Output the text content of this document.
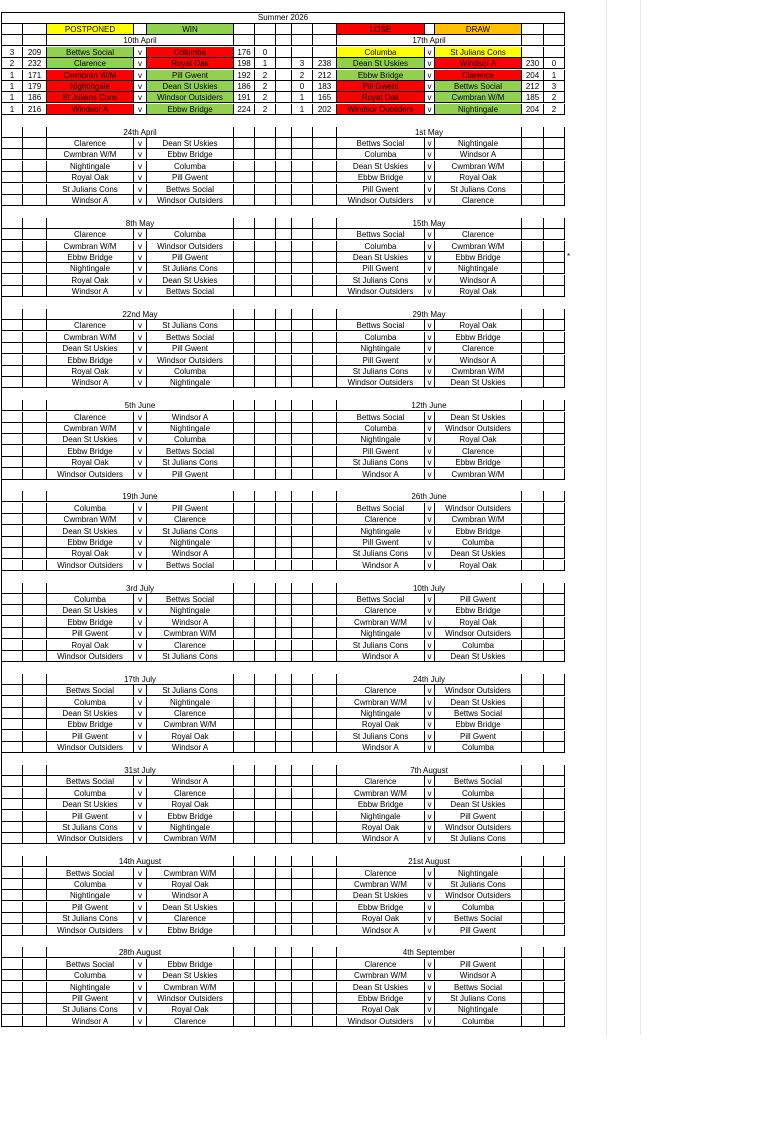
Summer 2026
POSTPONED	WIN	LOSE	DRAW
10th April	17th April
3	209	Bettws Social	v	Columba	176	0	Columba	v	St Julians Cons
2	232	Clarence	v	Royal Oak	198	1	3	238	Dean St Uskies	v	Windsor A	230	0
1	171	Cwmbran W/M	v	Pill Gwent	192	2	2	212	Ebbw Bridge	v	Clarence	204	1
1	179	Nightingale	v	Dean St Uskies	186	2	0	183	Pill Gwent	v	Bettws Social	212	3
1	186	St Julians Cons	v	Windsor Outsiders	191	2	1	165	Royal Oak	v	Cwmbran W/M	185	2
1	216	Windsor A	v	Ebbw Bridge	224	2	1	202	Windsor Outsiders	v	Nightingale	204	2
24th April	1st May
Clarence	v	Dean St Uskies	Bettws Social	v	Nightingale
Cwmbran W/M	v	Ebbw Bridge	Columba	v	Windsor A
Nightingale	v	Columba	Dean St Uskies	v	Cwmbran W/M
Royal Oak	v	Pill Gwent	Ebbw Bridge	v	Royal Oak
St Julians Cons	v	Bettws Social	Pill Gwent	v	St Julians Cons
Windsor A	v	Windsor Outsiders	Windsor Outsiders	v	Clarence
8th May	15th May
Clarence	v	Columba	Bettws Social	v	Clarence
Cwmbran W/M	v	Windsor Outsiders	Columba	v	Cwmbran W/M
Ebbw Bridge	v	Pill Gwent	Dean St Uskies	v	Ebbw Bridge
Nightingale	v	St Julians Cons	Pill Gwent	v	Nightingale
Royal Oak	v	Dean St Uskies	St Julians Cons	v	Windsor A
Windsor A	v	Bettws Social	Windsor Outsiders	v	Royal Oak
22nd May	29th May
Clarence	v	St Julians Cons	Bettws Social	v	Royal Oak
Cwmbran W/M	v	Bettws Social	Columba	v	Ebbw Bridge
Dean St Uskies	v	Pill Gwent	Nightingale	v	Clarence
Ebbw Bridge	v	Windsor Outsiders	Pill Gwent	v	Windsor A
Royal Oak	v	Columba	St Julians Cons	v	Cwmbran W/M
Windsor A	v	Nightingale	Windsor Outsiders	v	Dean St Uskies
5th June	12th June
Clarence	v	Windsor A	Bettws Social	v	Dean St Uskies
Cwmbran W/M	v	Nightingale	Columba	v	Windsor Outsiders
Dean St Uskies	v	Columba	Nightingale	v	Royal Oak
Ebbw Bridge	v	Bettws Social	Pill Gwent	v	Clarence
Royal Oak	v	St Julians Cons	St Julians Cons	v	Ebbw Bridge
Windsor Outsiders	v	Pill Gwent	Windsor A	v	Cwmbran W/M
19th June	26th June
Columba	v	Pill Gwent	Bettws Social	v	Windsor Outsiders
Cwmbran W/M	v	Clarence	Clarence	v	Cwmbran W/M
Dean St Uskies	v	St Julians Cons	Nightingale	v	Ebbw Bridge
Ebbw Bridge	v	Nightingale	Pill Gwent	v	Columba
Royal Oak	v	Windsor A	St Julians Cons	v	Dean St Uskies
Windsor Outsiders	v	Bettws Social	Windsor A	v	Royal Oak
3rd July	10th July
Columba	v	Bettws Social	Bettws Social	v	Pill Gwent
Dean St Uskies	v	Nightingale	Clarence	v	Ebbw Bridge
Ebbw Bridge	v	Windsor A	Cwmbran W/M	v	Royal Oak
Pill Gwent	v	Cwmbran W/M	Nightingale	v	Windsor Outsiders
Royal Oak	v	Clarence	St Julians Cons	v	Columba
Windsor Outsiders	v	St Julians Cons	Windsor A	v	Dean St Uskies
17th July	24th July
Bettws Social	v	St Julians Cons	Clarence	v	Windsor Outsiders
Columba	v	Nightingale	Cwmbran W/M	v	Dean St Uskies
Dean St Uskies	v	Clarence	Nightingale	v	Bettws Social
Ebbw Bridge	v	Cwmbran W/M	Royal Oak	v	Ebbw Bridge
Pill Gwent	v	Royal Oak	St Julians Cons	v	Pill Gwent
Windsor Outsiders	v	Windsor A	Windsor A	v	Columba
31st July	7th August
Bettws Social	v	Windsor A	Clarence	v	Bettws Social
Columba	v	Clarence	Cwmbran W/M	v	Columba
Dean St Uskies	v	Royal Oak	Ebbw Bridge	v	Dean St Uskies
Pill Gwent	v	Ebbw Bridge	Nightingale	v	Pill Gwent
St Julians Cons	v	Nightingale	Royal Oak	v	Windsor Outsiders
Windsor Outsiders	v	Cwmbran W/M	Windsor A	v	St Julians Cons
14th August	21st August
Bettws Social	v	Cwmbran W/M	Clarence	v	Nightingale
Columba	v	Royal Oak	Cwmbran W/M	v	St Julians Cons
Nightingale	v	Windsor A	Dean St Uskies	v	Windsor Outsiders
Pill Gwent	v	Dean St Uskies	Ebbw Bridge	v	Columba
St Julians Cons	v	Clarence	Royal Oak	v	Bettws Social
Windsor Outsiders	v	Ebbw Bridge	Windsor A	v	Pill Gwent
28th August	4th September
Bettws Social	v	Ebbw Bridge	Clarence	v	Pill Gwent
Columba	v	Dean St Uskies	Cwmbran W/M	v	Windsor A
Nightingale	v	Cwmbran W/M	Dean St Uskies	v	Bettws Social
Pill Gwent	v	Windsor Outsiders	Ebbw Bridge	v	St Julians Cons
St Julians Cons	v	Royal Oak	Royal Oak	v	Nightingale
Windsor A	v	Clarence	Windsor Outsiders	v	Columba
*
